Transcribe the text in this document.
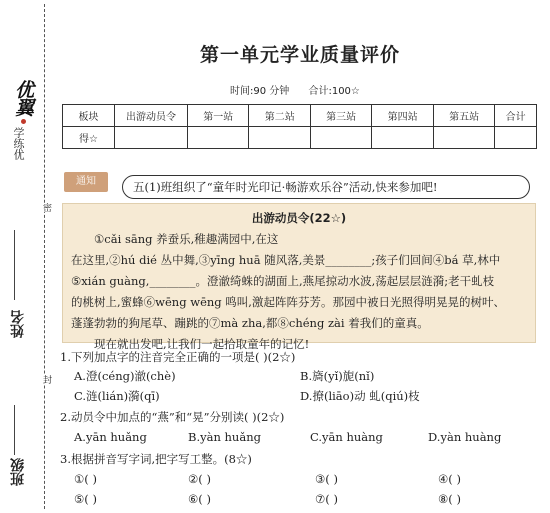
优翼
学练优
姓名
密
封
班级
第一单元学业质量评价
时间:90 分钟 合计:100☆
板块	出游动员令	第一站	第二站	第三站	第四站	第五站	合计
得☆							
通知	五(1)班组织了“童年时光印记·畅游欢乐谷”活动,快来参加吧!
出游动员令(22☆)

①cǎi sāng 养蚕乐,稚趣满园中,在这

在这里,②hú dié 丛中舞,③yīng huā 随风落,美景________;孩子们回间④bá 草,林中

⑤xián guàng,________。澄澈绮蛛的湖面上,燕尾掠动水波,荡起层层涟漪;老干虬枝

的桃树上,蜜蜂⑥wēng wēng 鸣叫,激起阵阵芬芳。那园中被日光照得明晃晃的树叶、

蓬蓬勃勃的狗尾草、蹦跳的⑦mà zha,都⑧chéng zài 着我们的童真。

现在就出发吧,让我们一起拾取童年的记忆!

1.下列加点字的注音完全正确的一项是( )(2☆)
A.澄(céng)澈(chè)	B.旖(yǐ)旎(nǐ)
C.涟(lián)漪(qī)	D.撩(liāo)动 虬(qiú)枝
2.动员令中加点的“燕”和“晃”分别读( )(2☆)
A.yān huǎng	B.yàn huǎng	C.yān huàng	D.yàn huàng
3.根据拼音写字词,把字写工整。(8☆)
①( )	②( )	③( )	④( )
⑤( )	⑥( )	⑦( )	⑧( )
